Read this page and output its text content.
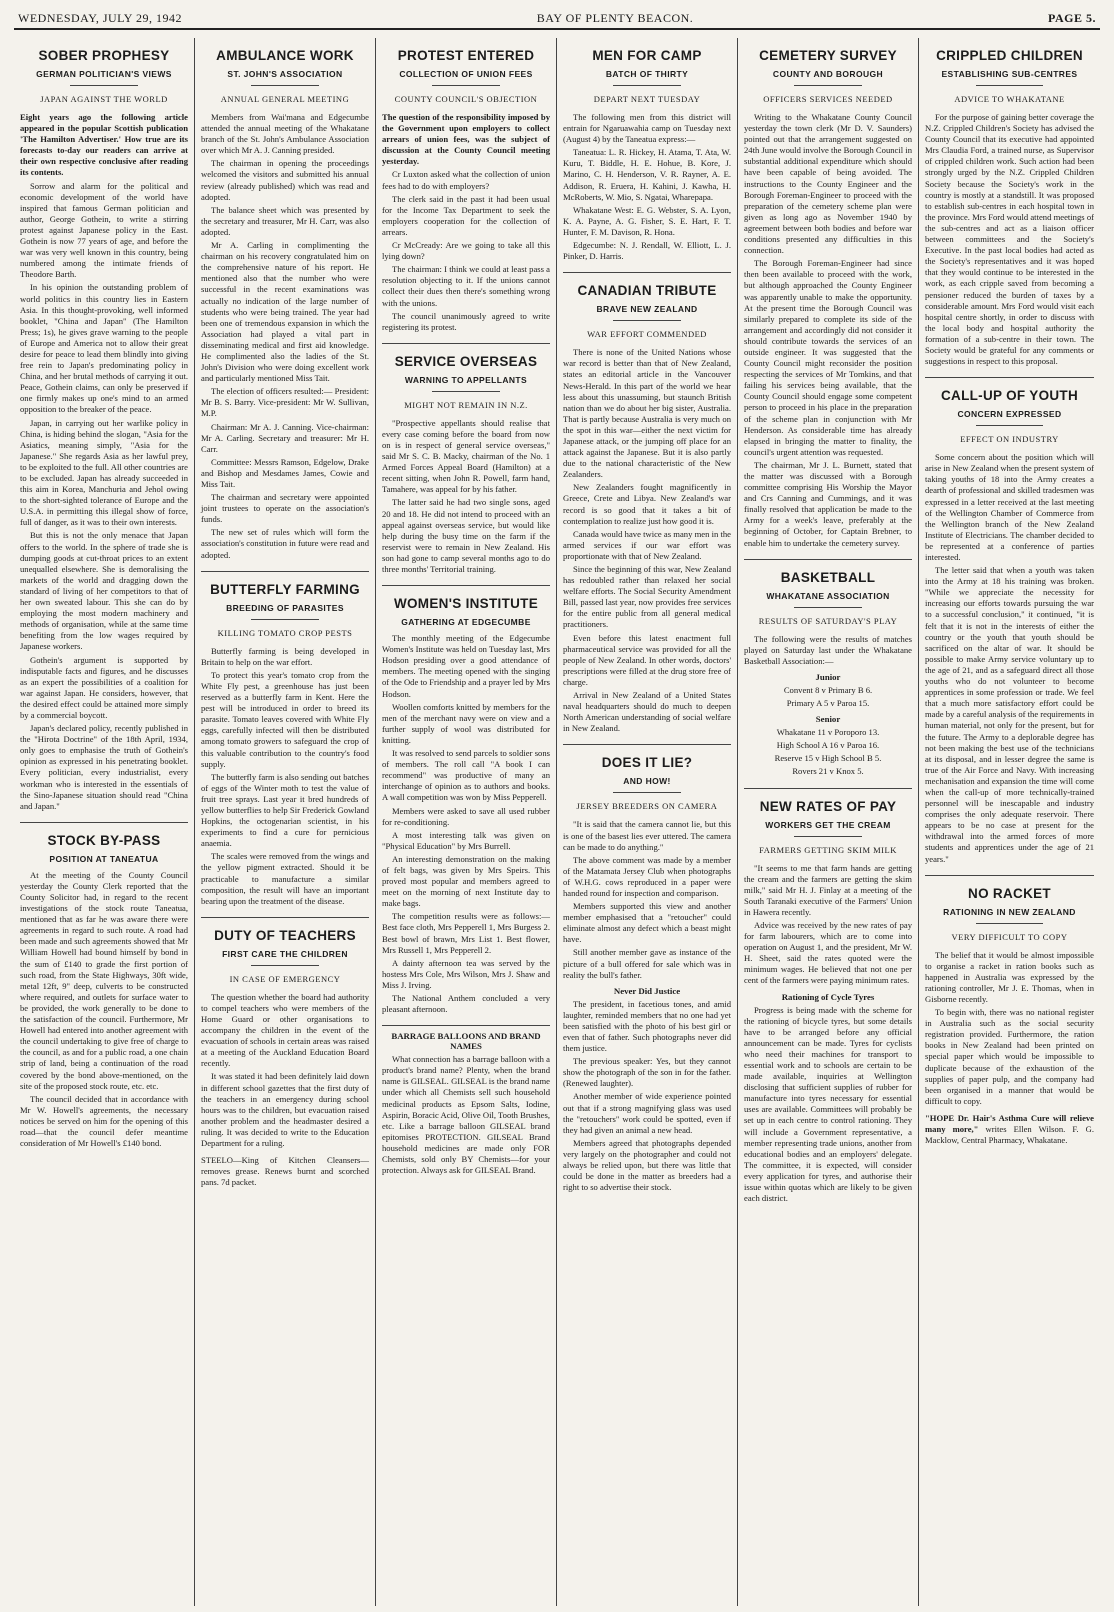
WEDNESDAY, JULY 29, 1942	BAY OF PLENTY BEACON.	PAGE 5.
SOBER PROPHESY
GERMAN POLITICIAN'S VIEWS
JAPAN AGAINST THE WORLD

Eight years ago the following article appeared in the popular Scottish publication 'The Hamilton Advertiser.' How true are its forecasts to-day our readers can arrive at their own respective conclusive after reading its contents.

Sorrow and alarm for the political and economic development of the world have inspired that famous German politician and author, George Gothein, to write a stirring protest against Japanese policy in the East. Gothein is now 77 years of age, and before the war was very well known in this country, being numbered among the intimate friends of Theodore Barth.

In his opinion the outstanding problem of world politics in this country lies in Eastern Asia. In this thought-provoking, well informed booklet, "China and Japan" (The Hamilton Press; 1s), he gives grave warning to the people of Europe and America not to allow their great desire for peace to lead them blindly into giving free rein to Japan's predominating policy in China, and her brutal methods of carrying it out. Peace, Gothein claims, can only be preserved if one firmly makes up one's mind to an armed opposition to the breaker of the peace.

Japan, in carrying out her warlike policy in China, is hiding behind the slogan, "Asia for the Asiatics, meaning simply, "Asia for the Japanese." She regards Asia as her lawful prey, to be exploited to the full. All other countries are to be excluded. Japan has already succeeded in this aim in Korea, Manchuria and Jehol owing to the short-sighted tolerance of Europe and the U.S.A. in permitting this illegal show of force, full of danger, as it was to their own interests.

But this is not the only menace that Japan offers to the world. In the sphere of trade she is dumping goods at cut-throat prices to an extent unequalled elsewhere. She is demoralising the markets of the world and dragging down the standard of living of her competitors to that of her own sweated labour. This she can do by employing the most modern machinery and methods of organisation, while at the same time benefiting from the low wages required by Japanese workers.

Gothein's argument is supported by indisputable facts and figures, and he discusses as an expert the possibilities of a coalition for war against Japan. He considers, however, that the desired effect could be attained more simply by a commercial boycott.

Japan's declared policy, recently published in the "Hirota Doctrine" of the 18th April, 1934, only goes to emphasise the truth of Gothein's opinion as expressed in his penetrating booklet. Every politician, every industrialist, every workman who is interested in the essentials of the Sino-Japanese situation should read "China and Japan."

STOCK BY-PASS
POSITION AT TANEATUA

At the meeting of the County Council yesterday the County Clerk reported that the County Solicitor had, in regard to the recent investigations of the stock route Taneatua, mentioned that as far he was aware there were agreements in regard to such route. A road had been made and such agreements showed that Mr William Howell had bound himself by bond in the sum of £140 to grade the first portion of such road, from the State Highways, 30ft wide, metal 12ft, 9" deep, culverts to be constructed where required, and outlets for surface water to be provided, the work generally to be done to the satisfaction of the council. Furthermore, Mr Howell had entered into another agreement with the council undertaking to give free of charge to the council, as and for a public road, a one chain strip of land, being a continuation of the road covered by the bond above-mentioned, on the site of the proposed stock route, etc. etc.

The council decided that in accordance with Mr W. Howell's agreements, the necessary notices be served on him for the opening of this road—that the council defer meantime consideration of Mr Howell's £140 bond.

AMBULANCE WORK
ST. JOHN'S ASSOCIATION
ANNUAL GENERAL MEETING

Members from Wai'mana and Edgecumbe attended the annual meeting of the Whakatane branch of the St. John's Ambulance Association over which Mr A. J. Canning presided.

The chairman in opening the proceedings welcomed the visitors and submitted his annual review (already published) which was read and adopted.

The balance sheet which was presented by the secretary and treasurer, Mr H. Carr, was also adopted.

Mr A. Carling in complimenting the chairman on his recovery congratulated him on the comprehensive nature of his report. He mentioned also that the number who were successful in the recent examinations was actually no indication of the large number of students who were being trained. The year had been one of tremendous expansion in which the Association had played a vital part in disseminating medical and first aid knowledge. He complimented also the ladies of the St. John's Division who were doing excellent work and particularly mentioned Miss Tait.

The election of officers resulted:— President: Mr B. S. Barry. Vice-president: Mr W. Sullivan, M.P.

Chairman: Mr A. J. Canning. Vice-chairman: Mr A. Carling. Secretary and treasurer: Mr H. Carr.

Committee: Messrs Ramson, Edgelow, Drake and Bishop and Mesdames James, Cowie and Miss Tait.

The chairman and secretary were appointed joint trustees to operate on the association's funds.

The new set of rules which will form the association's constitution in future were read and adopted.

BUTTERFLY FARMING
BREEDING OF PARASITES
KILLING TOMATO CROP PESTS

Butterfly farming is being developed in Britain to help on the war effort.

To protect this year's tomato crop from the White Fly pest, a greenhouse has just been reserved as a butterfly farm in Kent. Here the pest will be introduced in order to breed its parasite. Tomato leaves covered with White Fly eggs, carefully infected will then be distributed among tomato growers to safeguard the crop of this valuable contribution to the country's food supply.

The butterfly farm is also sending out batches of eggs of the Winter moth to test the value of fruit tree sprays. Last year it bred hundreds of yellow butterflies to help Sir Frederick Gowland Hopkins, the octogenarian scientist, in his experiments to find a cure for pernicious anaemia.

The scales were removed from the wings and the yellow pigment extracted. Should it be practicable to manufacture a similar composition, the result will have an important bearing upon the treatment of the disease.

DUTY OF TEACHERS
FIRST CARE THE CHILDREN
IN CASE OF EMERGENCY

The question whether the board had authority to compel teachers who were members of the Home Guard or other organisations to accompany the children in the event of the evacuation of schools in certain areas was raised at a meeting of the Auckland Education Board recently.

It was stated it had been definitely laid down in different school gazettes that the first duty of the teachers in an emergency during school hours was to the children, but evacuation raised another problem and the headmaster desired a ruling. It was decided to write to the Education Department for a ruling.

STEELO—King of Kitchen Cleansers—removes grease. Renews burnt and scorched pans. 7d packet.
PROTEST ENTERED
COLLECTION OF UNION FEES
COUNTY COUNCIL'S OBJECTION

The question of the responsibility imposed by the Government upon employers to collect arrears of union fees, was the subject of discussion at the County Council meeting yesterday.

Cr Luxton asked what the collection of union fees had to do with employers?

The clerk said in the past it had been usual for the Income Tax Department to seek the employers cooperation for the collection of arrears.

Cr McCready: Are we going to take all this lying down?

The chairman: I think we could at least pass a resolution objecting to it. If the unions cannot collect their dues then there's something wrong with the unions.

The council unanimously agreed to write registering its protest.

SERVICE OVERSEAS
WARNING TO APPELLANTS
MIGHT NOT REMAIN IN N.Z.

"Prospective appellants should realise that every case coming before the board from now on is in respect of general service overseas," said Mr S. C. B. Macky, chairman of the No. 1 Armed Forces Appeal Board (Hamilton) at a recent sitting, when John R. Powell, farm hand, Tamahere, was appeal for by his father.

The latter said he had two single sons, aged 20 and 18. He did not intend to proceed with an appeal against overseas service, but would like help during the busy time on the farm if the reservist were to remain in New Zealand. His son had gone to camp several months ago to do three months' Territorial training.

WOMEN'S INSTITUTE
GATHERING AT EDGECUMBE

The monthly meeting of the Edgecumbe Women's Institute was held on Tuesday last, Mrs Hodson presiding over a good attendance of members. The meeting opened with the singing of the Ode to Friendship and a prayer led by Mrs Hodson.

Woollen comforts knitted by members for the men of the merchant navy were on view and a further supply of wool was distributed for knitting.

It was resolved to send parcels to soldier sons of members. The roll call "A book I can recommend" was productive of many an interchange of opinion as to authors and books. A wall competition was won by Miss Pepperell.

Members were asked to save all used rubber for re-conditioning.

A most interesting talk was given on "Physical Education" by Mrs Burrell.

An interesting demonstration on the making of felt bags, was given by Mrs Speirs. This proved most popular and members agreed to meet on the morning of next Institute day to make bags.

The competition results were as follows:—Best face cloth, Mrs Pepperell 1, Mrs Burgess 2. Best bowl of brawn, Mrs List 1. Best flower, Mrs Russell 1, Mrs Pepperell 2.

A dainty afternoon tea was served by the hostess Mrs Cole, Mrs Wilson, Mrs J. Shaw and Miss J. Irving.

The National Anthem concluded a very pleasant afternoon.

BARRAGE BALLOONS AND BRAND NAMES

What connection has a barrage balloon with a product's brand name? Plenty, when the brand name is GILSEAL. GILSEAL is the brand name under which all Chemists sell such household medicinal products as Epsom Salts, Iodine, Aspirin, Boracic Acid, Olive Oil, Tooth Brushes, etc. Like a barrage balloon GILSEAL brand epitomises PROTECTION. GILSEAL Brand household medicines are made only FOR Chemists, sold only BY Chemists—for your protection. Always ask for GILSEAL Brand.

MEN FOR CAMP
BATCH OF THIRTY
DEPART NEXT TUESDAY

The following men from this district will entrain for Ngaruawahia camp on Tuesday next (August 4) by the Taneatua express:—

Taneatua: L. R. Hickey, H. Atama, T. Ata, W. Kuru, T. Biddle, H. E. Hohue, B. Kore, J. Marino, C. H. Henderson, V. R. Rayner, A. E. Addison, R. Eruera, H. Kahini, J. Kawha, H. McRoberts, W. Mio, S. Ngatai, Wharepapa.

Whakatane West: E. G. Webster, S. A. Lyon, K. A. Payne, A. G. Fisher, S. E. Hart, F. T. Hunter, F. M. Davison, R. Hona.

Edgecumbe: N. J. Rendall, W. Elliott, L. J. Pinker, D. Harris.

CANADIAN TRIBUTE
BRAVE NEW ZEALAND
WAR EFFORT COMMENDED

There is none of the United Nations whose war record is better than that of New Zealand, states an editorial article in the Vancouver News-Herald. In this part of the world we hear less about this unassuming, but staunch British nation than we do about her big sister, Australia. That is partly because Australia is very much on the spot in this war—either the next victim for Japanese attack, or the jumping off place for an attack against the Japanese. But it is also partly due to the national characteristic of the New Zealanders.

New Zealanders fought magnificently in Greece, Crete and Libya. New Zealand's war record is so good that it takes a bit of contemplation to realize just how good it is.

Canada would have twice as many men in the armed services if our war effort was proportionate with that of New Zealand.

Since the beginning of this war, New Zealand has redoubled rather than relaxed her social welfare efforts. The Social Security Amendment Bill, passed last year, now provides free services for the entire public from all general medical practitioners.

Even before this latest enactment full pharmaceutical service was provided for all the people of New Zealand. In other words, doctors' prescriptions were filled at the drug store free of charge.

Arrival in New Zealand of a United States naval headquarters should do much to deepen North American understanding of social welfare in New Zealand.

DOES IT LIE?
AND HOW!
JERSEY BREEDERS ON CAMERA

"It is said that the camera cannot lie, but this is one of the basest lies ever uttered. The camera can be made to do anything."

The above comment was made by a member of the Matamata Jersey Club when photographs of W.H.G. cows reproduced in a paper were handed round for inspection and comparison.

Members supported this view and another member emphasised that a "retoucher" could eliminate almost any defect which a beast might have.

Still another member gave as instance of the picture of a bull offered for sale which was in reality the bull's father.

Never Did Justice

The president, in facetious tones, and amid laughter, reminded members that no one had yet been satisfied with the photo of his best girl or even that of father. Such photographs never did them justice.

The previous speaker: Yes, but they cannot show the photograph of the son in for the father. (Renewed laughter).

Another member of wide experience pointed out that if a strong magnifying glass was used the "retouchers" work could be spotted, even if they had given an animal a new head.

Members agreed that photographs depended very largely on the photographer and could not always be relied upon, but there was little that could be done in the matter as breeders had a right to so advertise their stock.

CEMETERY SURVEY
COUNTY AND BOROUGH
OFFICERS SERVICES NEEDED

Writing to the Whakatane County Council yesterday the town clerk (Mr D. V. Saunders) pointed out that the arrangement suggested on 24th June would involve the Borough Council in substantial additional expenditure which should have been capable of being avoided. The instructions to the County Engineer and the Borough Foreman-Engineer to proceed with the preparation of the cemetery scheme plan were given as long ago as November 1940 by agreement between both bodies and before war conditions presented any difficulties in this connection.

The Borough Foreman-Engineer had since then been available to proceed with the work, but although approached the County Engineer was apparently unable to make the opportunity. At the present time the Borough Council was similarly prepared to complete its side of the arrangement and accordingly did not consider it should contribute towards the services of an outside engineer. It was suggested that the County Council might reconsider the position respecting the services of Mr Tomkins, and that failing his services being available, that the County Council should engage some competent person to proceed in his place in the preparation of the scheme plan in conjunction with Mr Henderson. As considerable time has already elapsed in bringing the matter to finality, the council's urgent attention was requested.

The chairman, Mr J. L. Burnett, stated that the matter was discussed with a Borough committee comprising His Worship the Mayor and Crs Canning and Cummings, and it was finally resolved that application be made to the Army for a week's leave, preferably at the beginning of October, for Captain Brebner, to enable him to undertake the cemetery survey.

BASKETBALL
WHAKATANE ASSOCIATION
RESULTS OF SATURDAY'S PLAY

The following were the results of matches played on Saturday last under the Whakatane Basketball Association:—

Junior

Convent 8 v Primary B 6.

Primary A 5 v Paroa 15.

Senior

Whakatane 11 v Poroporo 13.

High School A 16 v Paroa 16.

Reserve 15 v High School B 5.

Rovers 21 v Knox 5.

NEW RATES OF PAY
WORKERS GET THE CREAM
FARMERS GETTING SKIM MILK

"It seems to me that farm hands are getting the cream and the farmers are getting the skim milk," said Mr H. J. Finlay at a meeting of the South Taranaki executive of the Farmers' Union in Hawera recently.

Advice was received by the new rates of pay for farm labourers, which are to come into operation on August 1, and the president, Mr W. H. Sheet, said the rates quoted were the minimum wages. He believed that not one per cent of the farmers were paying minimum rates.

Rationing of Cycle Tyres

Progress is being made with the scheme for the rationing of bicycle tyres, but some details have to be arranged before any official announcement can be made. Tyres for cyclists who need their machines for transport to essential work and to schools are certain to be made available, inquiries at Wellington disclosing that sufficient supplies of rubber for manufacture into tyres necessary for essential uses are available. Committees will probably be set up in each centre to control rationing. They will include a Government representative, a member representing trade unions, another from educational bodies and an employers' delegate. The committee, it is expected, will consider every application for tyres, and authorise their issue within quotas which are likely to be given each district.

CRIPPLED CHILDREN
ESTABLISHING SUB-CENTRES
ADVICE TO WHAKATANE

For the purpose of gaining better coverage the N.Z. Crippled Children's Society has advised the County Council that its executive had appointed Mrs Claudia Ford, a trained nurse, as Supervisor of crippled children work. Such action had been strongly urged by the N.Z. Crippled Children Society because the Society's work in the country is mostly at a standstill. It was proposed to establish sub-centres in each hospital town in the province. Mrs Ford would attend meetings of the sub-centres and act as a liaison officer between committees and the Society's Executive. In the past local bodies had acted as the Society's representatives and it was hoped that they would continue to be interested in the work, as each cripple saved from becoming a pensioner reduced the burden of taxes by a considerable amount. Mrs Ford would visit each hospital centre shortly, in order to discuss with the local body and hospital authority the formation of a sub-centre in their town. The Society would be grateful for any comments or suggestions in respect to this proposal.

CALL-UP OF YOUTH
CONCERN EXPRESSED
EFFECT ON INDUSTRY

Some concern about the position which will arise in New Zealand when the present system of taking youths of 18 into the Army creates a dearth of professional and skilled tradesmen was expressed in a letter received at the last meeting of the Wellington Chamber of Commerce from the Wellington branch of the New Zealand Institute of Electricians. The chamber decided to be represented at a conference of parties interested.

The letter said that when a youth was taken into the Army at 18 his training was broken. "While we appreciate the necessity for increasing our efforts towards pursuing the war to a successful conclusion," it continued, "it is felt that it is not in the interests of either the country or the youth that youth should be sacrificed on the altar of war. It should be possible to make Army service voluntary up to the age of 21, and as a safeguard direct all those youths who do not volunteer to become apprentices in some profession or trade. We feel that a much more satisfactory effort could be made by a careful analysis of the requirements in human material, not only for the present, but for the future. The Army to a deplorable degree has not been making the best use of the technicians at its disposal, and in lesser degree the same is true of the Air Force and Navy. With increasing mechanisation and expansion the time will come when the call-up of more technically-trained personnel will be inescapable and industry comprises the only adequate reservoir. There appears to be no case at present for the withdrawal into the armed forces of more students and apprentices under the age of 21 years."

NO RACKET
RATIONING IN NEW ZEALAND
VERY DIFFICULT TO COPY

The belief that it would be almost impossible to organise a racket in ration books such as happened in Australia was expressed by the rationing controller, Mr J. E. Thomas, when in Gisborne recently.

To begin with, there was no national register in Australia such as the social security registration provided. Furthermore, the ration books in New Zealand had been printed on special paper which would be impossible to duplicate because of the exhaustion of the supplies of paper pulp, and the company had been organised in a manner that would be difficult to copy.

"HOPE Dr. Hair's Asthma Cure will relieve many more," writes Ellen Wilson. F. G. Macklow, Central Pharmacy, Whakatane.
